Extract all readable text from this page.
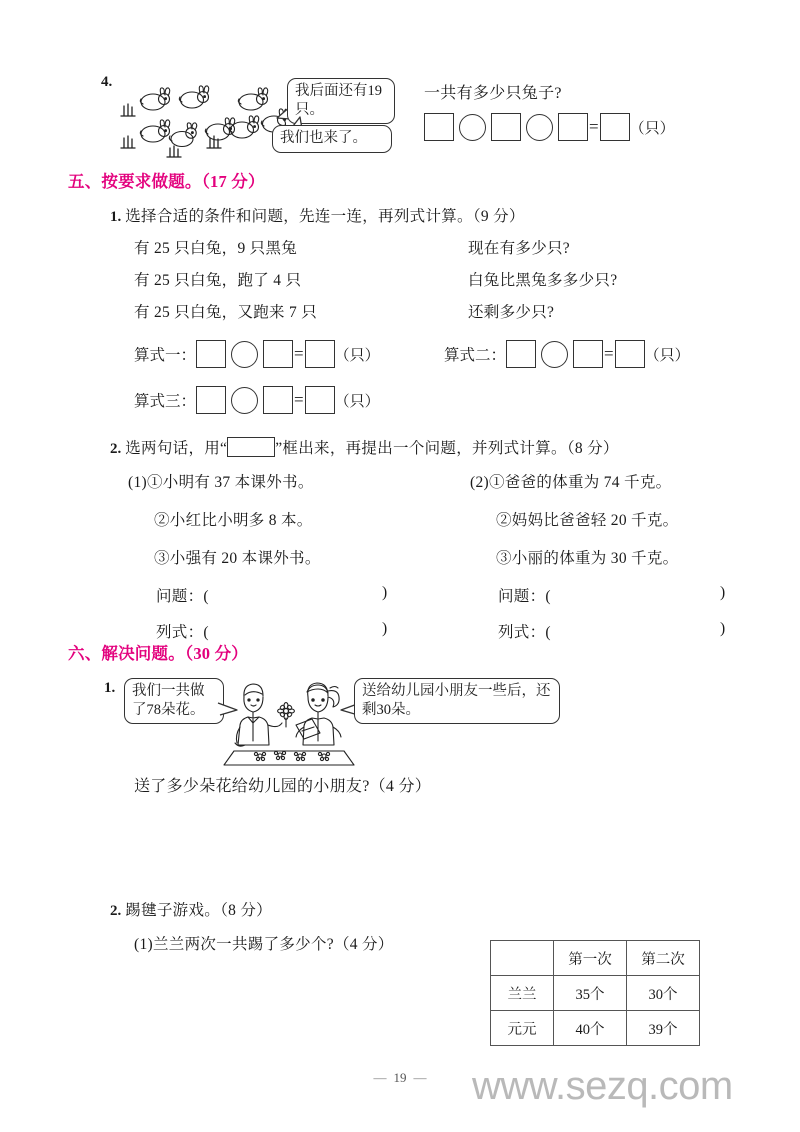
4.
我后面还有19只。
我们也来了。
一共有多少只兔子?
= （只）
五、按要求做题。（17 分）
1. 选择合适的条件和问题，先连一连，再列式计算。（9 分）
有 25 只白兔，9 只黑兔	现在有多少只?
有 25 只白兔，跑了 4 只	白兔比黑兔多多少只?
有 25 只白兔，又跑来 7 只	还剩多少只?
算式一：	= （只）	算式二：	= （只）
算式三：	= （只）
2. 选两句话，用“	”框出来，再提出一个问题，并列式计算。（8 分）
(1)①小明有 37 本课外书。	(2)①爸爸的体重为 74 千克。
②小红比小明多 8 本。	②妈妈比爸爸轻 20 千克。
③小强有 20 本课外书。	③小丽的体重为 30 千克。
问题：(	)	问题：(	)
列式：(	)	列式：(	)
六、解决问题。（30 分）
1.	我们一共做了78朵花。
送给幼儿园小朋友一些后，还剩30朵。
送了多少朵花给幼儿园的小朋友?（4 分）
2. 踢毽子游戏。（8 分）
(1)兰兰两次一共踢了多少个?（4 分）
	第一次	第二次
兰兰	35个	30个
元元	40个	39个
— 19 —	www.sezq.com
